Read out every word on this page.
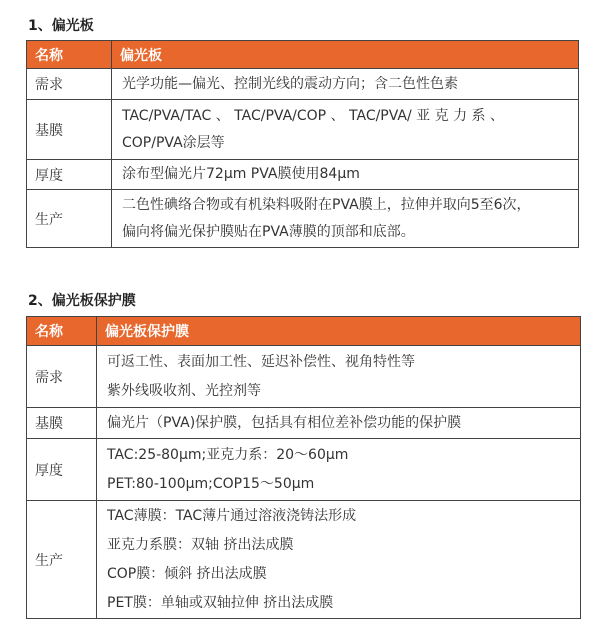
1、偏光板
名称	偏光板
需求	光学功能—偏光、控制光线的震动方向；含二色性色素

基膜	TAC/PVA/TAC 、 TAC/PVA/COP 、 TAC/PVA/ 亚 克 力 系 、
COP/PVA涂层等

厚度	涂布型偏光片72μm PVA膜使用84μm

生产	二色性碘络合物或有机染料吸附在PVA膜上，拉伸并取向5至6次，
偏向将偏光保护膜贴在PVA薄膜的顶部和底部。
2、偏光板保护膜
名称	偏光板保护膜
需求	可返工性、表面加工性、延迟补偿性、视角特性等
紫外线吸收剂、光控剂等

基膜	偏光片（PVA)保护膜，包括具有相位差补偿功能的保护膜

厚度	TAC:25-80μm;亚克力系：20～60μm
PET:80-100μm;COP15～50μm

生产	TAC薄膜：TAC薄片通过溶液浇铸法形成
亚克力系膜：双轴 挤出法成膜
COP膜：倾斜 挤出法成膜
PET膜：单轴或双轴拉伸 挤出法成膜
